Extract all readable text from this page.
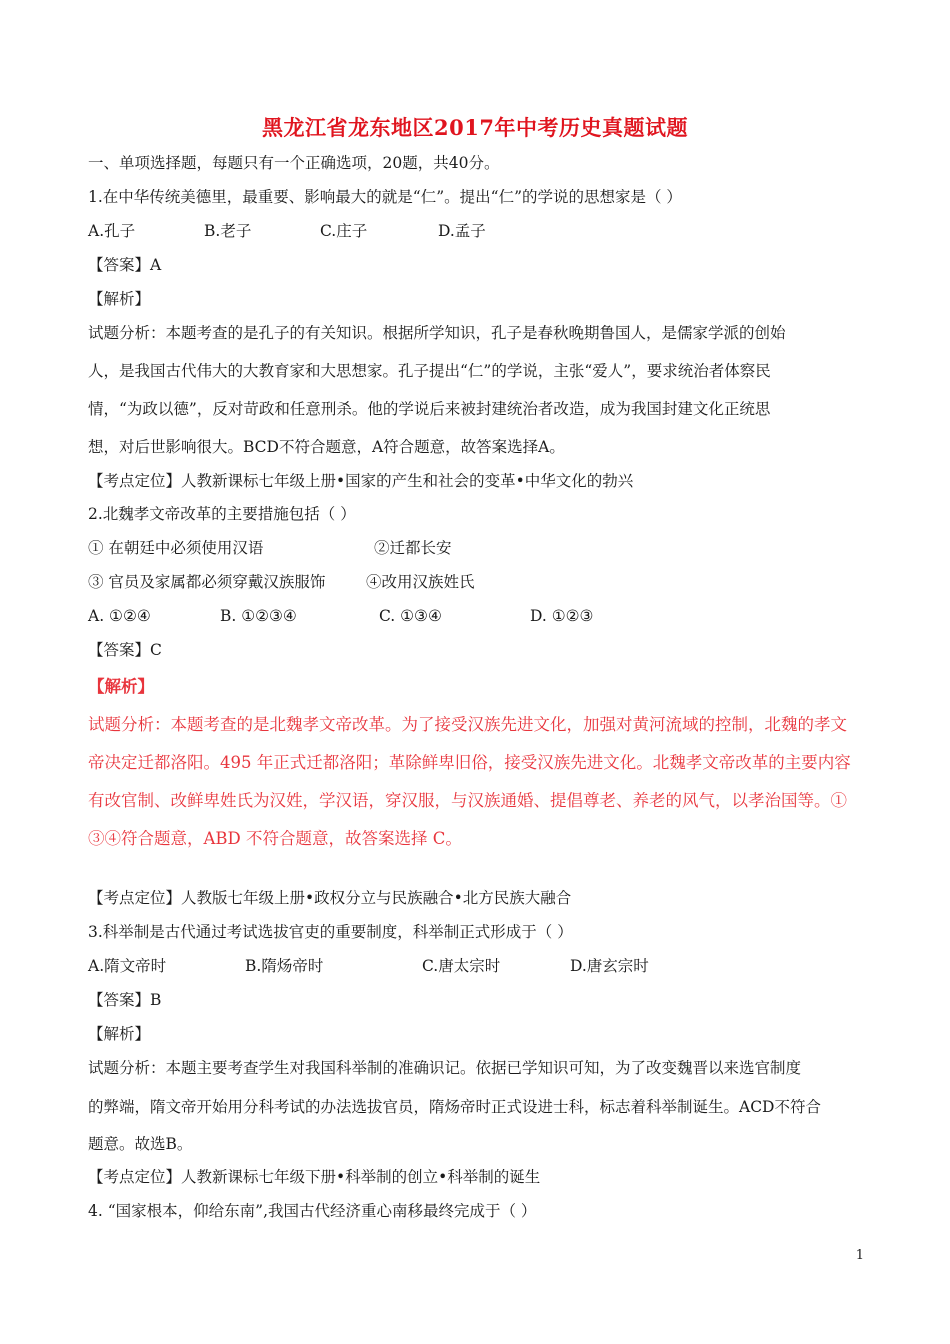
黑龙江省龙东地区2017年中考历史真题试题
一、单项选择题，每题只有一个正确选项，20题，共40分。
1.在中华传统美德里，最重要、影响最大的就是“仁”。提出“仁”的学说的思想家是（ ）
A.孔子	B.老子	C.庄子	D.孟子
【答案】A
【解析】
试题分析：本题考查的是孔子的有关知识。根据所学知识，孔子是春秋晚期鲁国人，是儒家学派的创始
人，是我国古代伟大的大教育家和大思想家。孔子提出“仁”的学说，主张“爱人”，要求统治者体察民
情，“为政以德”，反对苛政和任意刑杀。他的学说后来被封建统治者改造，成为我国封建文化正统思
想，对后世影响很大。BCD不符合题意，A符合题意，故答案选择A。
【考点定位】人教新课标七年级上册•国家的产生和社会的变革•中华文化的勃兴
2.北魏孝文帝改革的主要措施包括（ ）
① 在朝廷中必须使用汉语	②迁都长安
③ 官员及家属都必须穿戴汉族服饰	④改用汉族姓氏
A. ①②④	B. ①②③④	C. ①③④	D. ①②③
【答案】C
【解析】
试题分析：本题考查的是北魏孝文帝改革。为了接受汉族先进文化，加强对黄河流域的控制，北魏的孝文
帝决定迁都洛阳。495 年正式迁都洛阳；革除鲜卑旧俗，接受汉族先进文化。北魏孝文帝改革的主要内容
有改官制、改鲜卑姓氏为汉姓，学汉语，穿汉服，与汉族通婚、提倡尊老、养老的风气，以孝治国等。①
③④符合题意，ABD 不符合题意，故答案选择 C。
【考点定位】人教版七年级上册•政权分立与民族融合•北方民族大融合
3.科举制是古代通过考试选拔官吏的重要制度，科举制正式形成于（ ）
A.隋文帝时	B.隋炀帝时	C.唐太宗时	D.唐玄宗时
【答案】B
【解析】
试题分析：本题主要考查学生对我国科举制的准确识记。依据已学知识可知，为了改变魏晋以来选官制度
的弊端，隋文帝开始用分科考试的办法选拔官员，隋炀帝时正式设进士科，标志着科举制诞生。ACD不符合
题意。故选B。
【考点定位】人教新课标七年级下册•科举制的创立•科举制的诞生
4. “国家根本，仰给东南”,我国古代经济重心南移最终完成于（ ）
1
